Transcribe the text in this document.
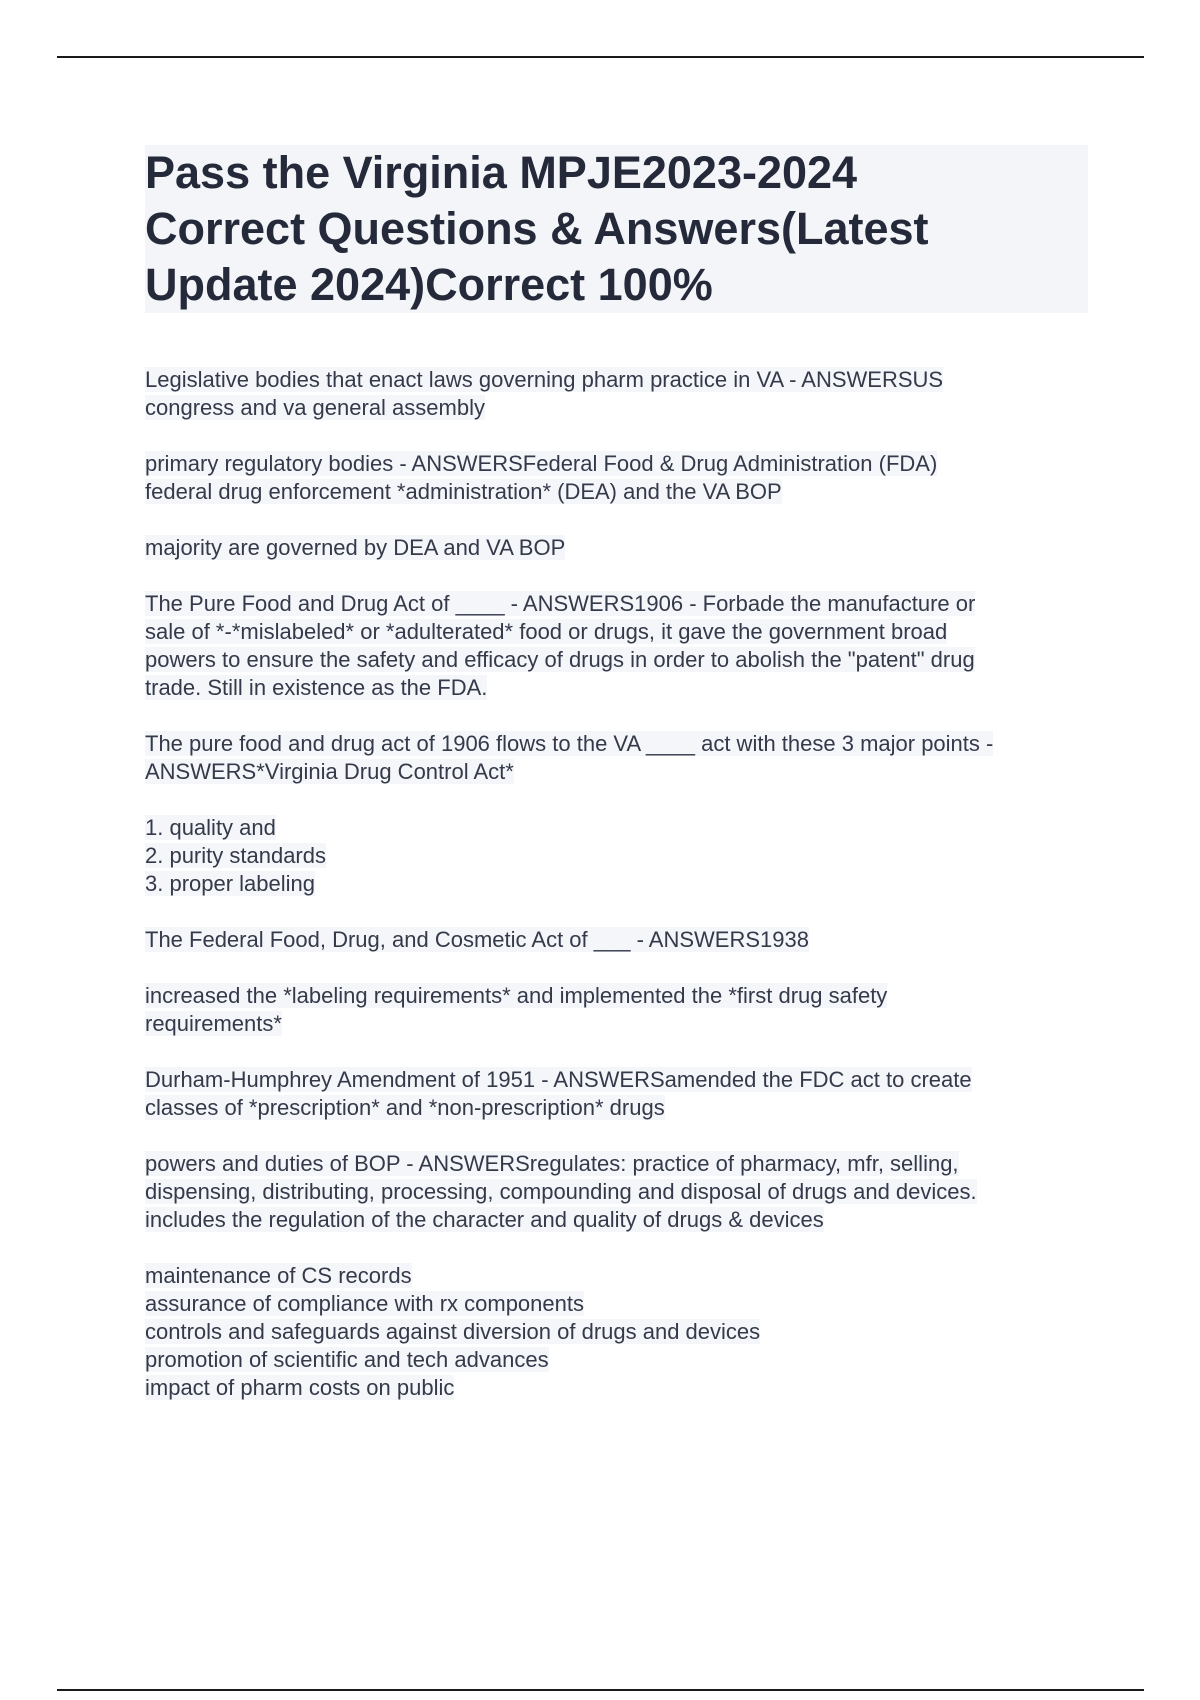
Pass the Virginia MPJE2023-2024
Correct Questions & Answers(Latest
Update 2024)Correct 100%

Legislative bodies that enact laws governing pharm practice in VA - ANSWERSUS
congress and va general assembly

primary regulatory bodies - ANSWERSFederal Food & Drug Administration (FDA)
federal drug enforcement *administration* (DEA) and the VA BOP

majority are governed by DEA and VA BOP

The Pure Food and Drug Act of ____ - ANSWERS1906 - Forbade the manufacture or
sale of *-*mislabeled* or *adulterated* food or drugs, it gave the government broad
powers to ensure the safety and efficacy of drugs in order to abolish the "patent" drug
trade. Still in existence as the FDA.

The pure food and drug act of 1906 flows to the VA ____ act with these 3 major points -
ANSWERS*Virginia Drug Control Act*

1. quality and
2. purity standards
3. proper labeling

The Federal Food, Drug, and Cosmetic Act of ___ - ANSWERS1938

increased the *labeling requirements* and implemented the *first drug safety
requirements*

Durham-Humphrey Amendment of 1951 - ANSWERSamended the FDC act to create
classes of *prescription* and *non-prescription* drugs

powers and duties of BOP - ANSWERSregulates: practice of pharmacy, mfr, selling,
dispensing, distributing, processing, compounding and disposal of drugs and devices.
includes the regulation of the character and quality of drugs & devices

maintenance of CS records
assurance of compliance with rx components
controls and safeguards against diversion of drugs and devices
promotion of scientific and tech advances
impact of pharm costs on public
